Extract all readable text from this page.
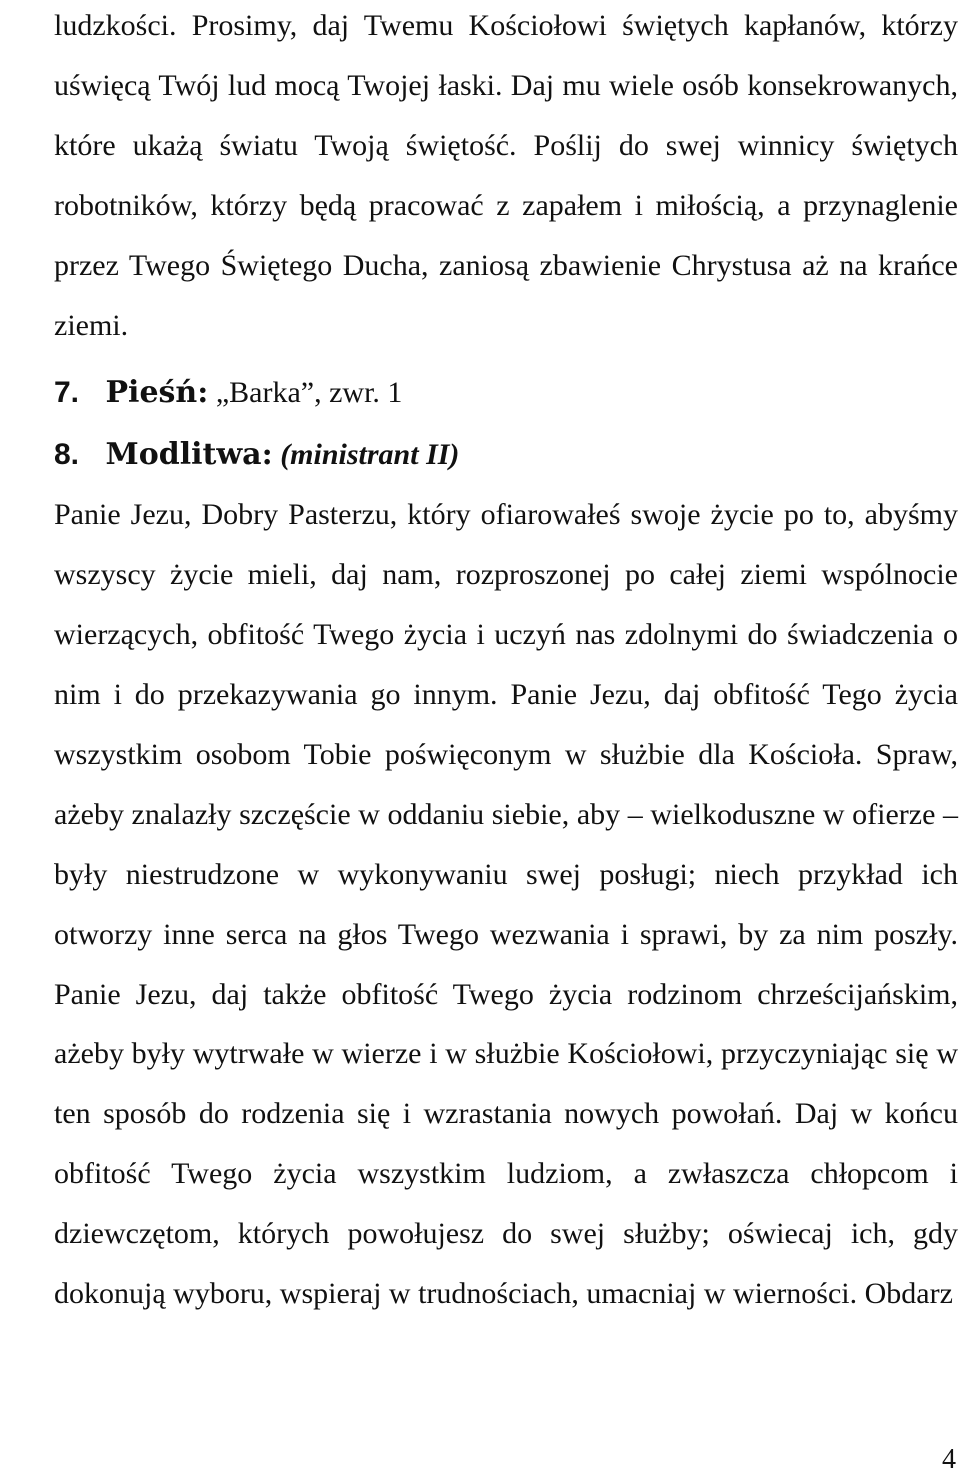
ludzkości. Prosimy, daj Twemu Kościołowi świętych kapłanów, którzy uświęcą Twój lud mocą Twojej łaski. Daj mu wiele osób konsekrowanych, które ukażą światu Twoją świętość. Poślij do swej winnicy świętych robotników, którzy będą pracować z zapałem i miłością, a przynaglenie przez Twego Świętego Ducha, zaniosą zbawienie Chrystusa aż na krańce ziemi.

7. Pieśń: „Barka”, zwr. 1
8. Modlitwa: (ministrant II)

Panie Jezu, Dobry Pasterzu, który ofiarowałeś swoje życie po to, abyśmy wszyscy życie mieli, daj nam, rozproszonej po całej ziemi wspólnocie wierzących, obfitość Twego życia i uczyń nas zdolnymi do świadczenia o nim i do przekazywania go innym. Panie Jezu, daj obfitość Tego życia wszystkim osobom Tobie poświęconym w służbie dla Kościoła. Spraw, ażeby znalazły szczęście w oddaniu siebie, aby – wielkoduszne w ofierze – były niestrudzone w wykonywaniu swej posługi; niech przykład ich otworzy inne serca na głos Twego wezwania i sprawi, by za nim poszły. Panie Jezu, daj także obfitość Twego życia rodzinom chrześcijańskim, ażeby były wytrwałe w wierze i w służbie Kościołowi, przyczyniając się w ten sposób do rodzenia się i wzrastania nowych powołań. Daj w końcu obfitość Twego życia wszystkim ludziom, a zwłaszcza chłopcom i dziewczętom, których powołujesz do swej służby; oświecaj ich, gdy dokonują wyboru, wspieraj w trudnościach, umacniaj w wierności. Obdarz

4
